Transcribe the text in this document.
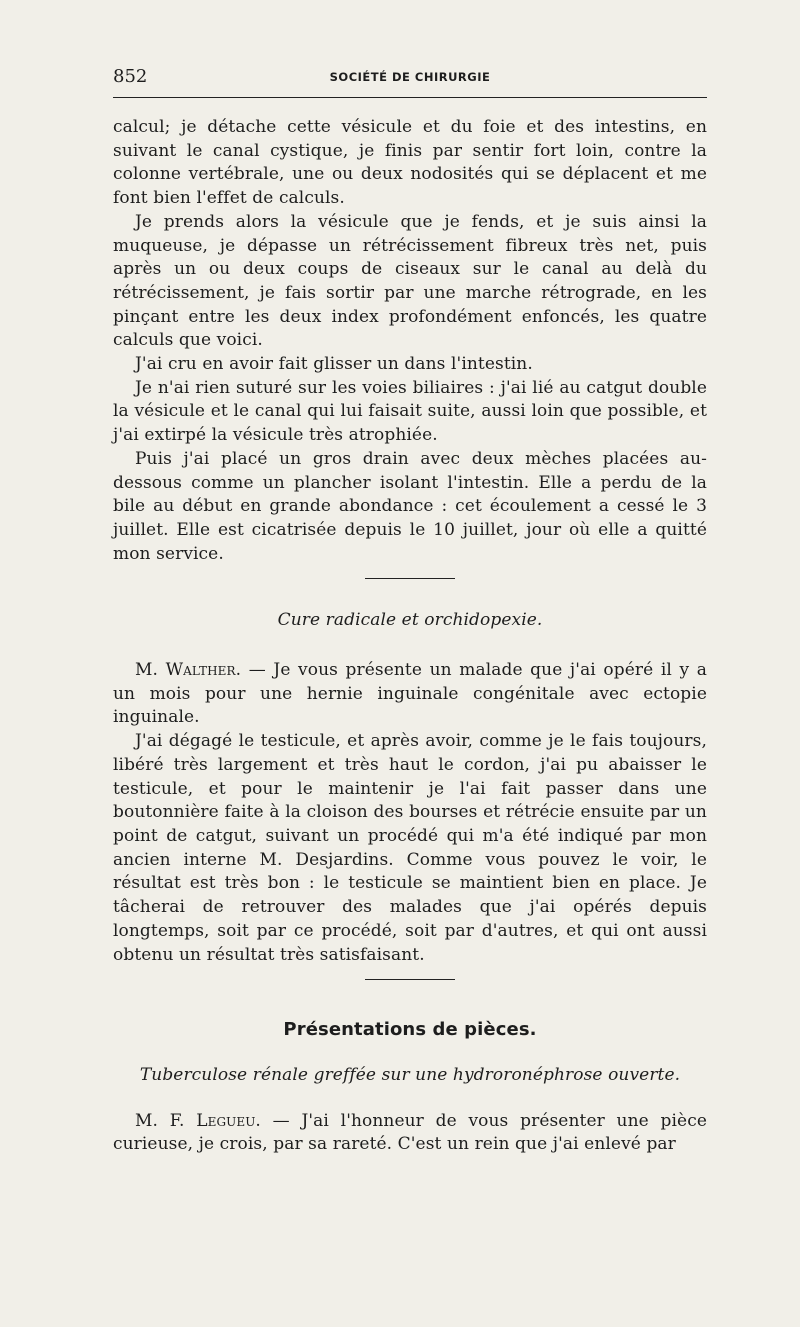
852	SOCIÉTÉ DE CHIRURGIE

calcul; je détache cette vésicule et du foie et des intestins, en suivant le canal cystique, je finis par sentir fort loin, contre la colonne vertébrale, une ou deux nodosités qui se déplacent et me font bien l'effet de calculs.

Je prends alors la vésicule que je fends, et je suis ainsi la muqueuse, je dépasse un rétrécissement fibreux très net, puis après un ou deux coups de ciseaux sur le canal au delà du rétrécissement, je fais sortir par une marche rétrograde, en les pinçant entre les deux index profondément enfoncés, les quatre calculs que voici.

J'ai cru en avoir fait glisser un dans l'intestin.

Je n'ai rien suturé sur les voies biliaires : j'ai lié au catgut double la vésicule et le canal qui lui faisait suite, aussi loin que possible, et j'ai extirpé la vésicule très atrophiée.

Puis j'ai placé un gros drain avec deux mèches placées au-dessous comme un plancher isolant l'intestin. Elle a perdu de la bile au début en grande abondance : cet écoulement a cessé le 3 juillet. Elle est cicatrisée depuis le 10 juillet, jour où elle a quitté mon service.

Cure radicale et orchidopexie.

M. Walther. — Je vous présente un malade que j'ai opéré il y a un mois pour une hernie inguinale congénitale avec ectopie inguinale.

J'ai dégagé le testicule, et après avoir, comme je le fais toujours, libéré très largement et très haut le cordon, j'ai pu abaisser le testicule, et pour le maintenir je l'ai fait passer dans une boutonnière faite à la cloison des bourses et rétrécie ensuite par un point de catgut, suivant un procédé qui m'a été indiqué par mon ancien interne M. Desjardins. Comme vous pouvez le voir, le résultat est très bon : le testicule se maintient bien en place. Je tâcherai de retrouver des malades que j'ai opérés depuis longtemps, soit par ce procédé, soit par d'autres, et qui ont aussi obtenu un résultat très satisfaisant.

Présentations de pièces.
Tuberculose rénale greffée sur une hydroronéphrose ouverte.

M. F. Legueu. — J'ai l'honneur de vous présenter une pièce curieuse, je crois, par sa rareté. C'est un rein que j'ai enlevé par
